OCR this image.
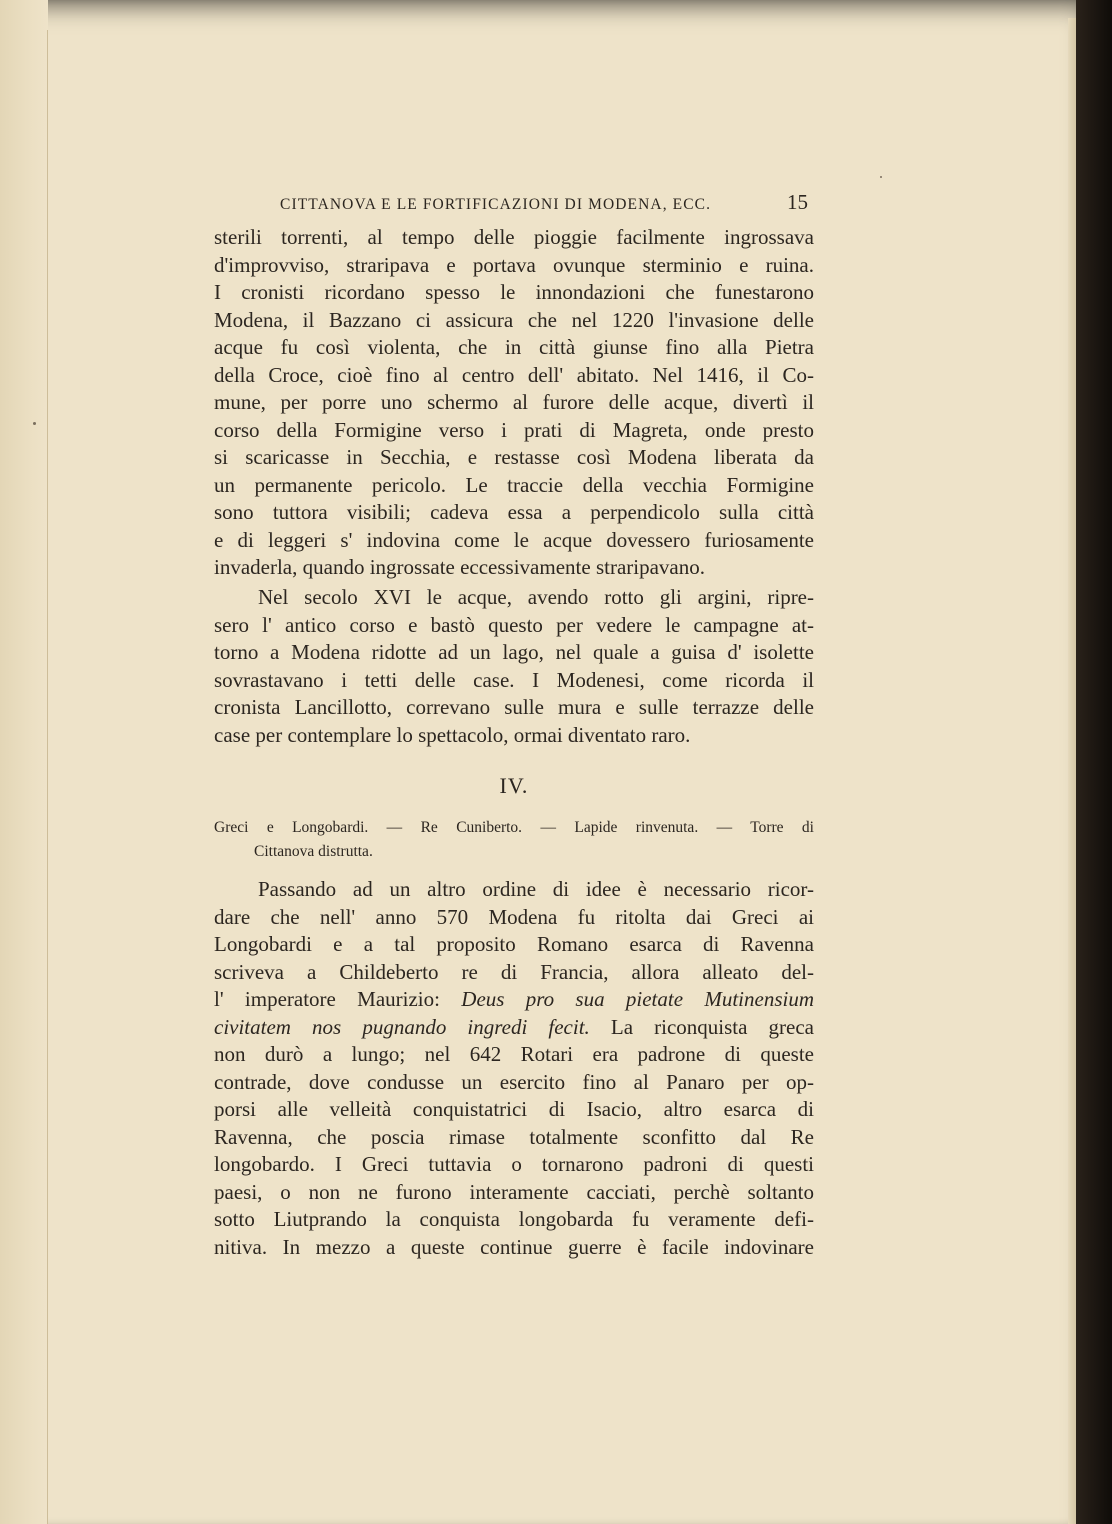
CITTANOVA E LE FORTIFICAZIONI DI MODENA, ECC.	15
sterili torrenti, al tempo delle pioggie facilmente ingrossava
d'improvviso, straripava e portava ovunque sterminio e ruina.
I cronisti ricordano spesso le innondazioni che funestarono
Modena, il Bazzano ci assicura che nel 1220 l'invasione delle
acque fu così violenta, che in città giunse fino alla Pietra
della Croce, cioè fino al centro dell' abitato. Nel 1416, il Co-
mune, per porre uno schermo al furore delle acque, divertì il
corso della Formigine verso i prati di Magreta, onde presto
si scaricasse in Secchia, e restasse così Modena liberata da
un permanente pericolo. Le traccie della vecchia Formigine
sono tuttora visibili; cadeva essa a perpendicolo sulla città
e di leggeri s' indovina come le acque dovessero furiosamente
invaderla, quando ingrossate eccessivamente straripavano.
Nel secolo XVI le acque, avendo rotto gli argini, ripre-
sero l' antico corso e bastò questo per vedere le campagne at-
torno a Modena ridotte ad un lago, nel quale a guisa d' isolette
sovrastavano i tetti delle case. I Modenesi, come ricorda il
cronista Lancillotto, correvano sulle mura e sulle terrazze delle
case per contemplare lo spettacolo, ormai diventato raro.
IV.
Greci e Longobardi. — Re Cuniberto. — Lapide rinvenuta. — Torre di
Cittanova distrutta.
Passando ad un altro ordine di idee è necessario ricor-
dare che nell' anno 570 Modena fu ritolta dai Greci ai
Longobardi e a tal proposito Romano esarca di Ravenna
scriveva a Childeberto re di Francia, allora alleato del-
l' imperatore Maurizio: Deus pro sua pietate Mutinensium
civitatem nos pugnando ingredi fecit. La riconquista greca
non durò a lungo; nel 642 Rotari era padrone di queste
contrade, dove condusse un esercito fino al Panaro per op-
porsi alle velleità conquistatrici di Isacio, altro esarca di
Ravenna, che poscia rimase totalmente sconfitto dal Re
longobardo. I Greci tuttavia o tornarono padroni di questi
paesi, o non ne furono interamente cacciati, perchè soltanto
sotto Liutprando la conquista longobarda fu veramente defi-
nitiva. In mezzo a queste continue guerre è facile indovinare
